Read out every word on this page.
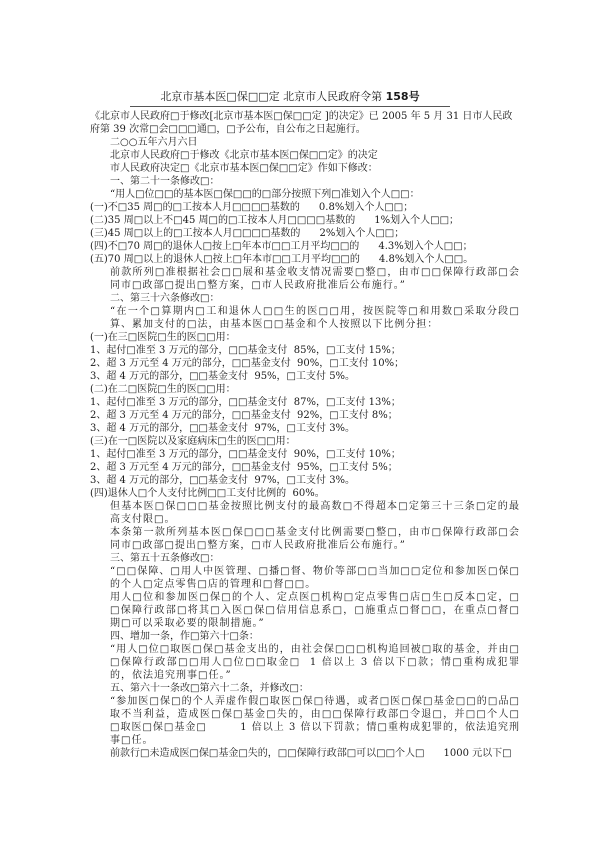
北京市基本医□保□□定 北京市人民政府令第 158号

《北京市人民政府□于修改[北京市基本医□保□□定 ]的决定》已 2005 年 5 月 31 日市人民政府第 39 次常□会□□□通□，□予公布，自公布之日起施行。

二○○五年六月六日

北京市人民政府□于修改《北京市基本医□保□□定》的决定

市人民政府决定□《北京市基本医□保□□定》作如下修改：

一、第二十一条修改□：

“用人□位□□的基本医□保□□的□部分按照下列□准划入个人□□：

(一)不□35 周□的□工按本人月□□□□基数的      0.8%划入个人□□；

(二)35 周□以上不□45 周□的□工按本人月□□□□基数的      1%划入个人□□；

(三)45 周□以上的□工按本人月□□□□基数的      2%划入个人□□；

(四)不□70 周□的退休人□按上□年本市□□工月平均□□的      4.3%划入个人□□；

(五)70 周□以上的退休人□按上□年本市□□工月平均□□的      4.8%划入个人□□。

前款所列□准根据社会□□展和基金收支情况需要□整□，由市□□保障行政部□会同市□政部□提出□整方案，□市人民政府批准后公布施行。”

二、第三十六条修改□：

“在一个□算期内□工和退休人□□生的医□□用，按医院等□和用数□采取分段□算、累加支付的□法，由基本医□□基金和个人按照以下比例分担：

(一)在三□医院□生的医□□用：

1、起付□准至 3 万元的部分，□□基金支付  85%，□工支付 15%；

2、超 3 万元至 4 万元的部分，□□基金支付  90%，□工支付 10%；

3、超 4 万元的部分，□□基金支付  95%，□工支付 5%。

(二)在二□医院□生的医□□用：

1、起付□准至 3 万元的部分，□□基金支付  87%，□工支付 13%；

2、超 3 万元至 4 万元的部分，□□基金支付  92%，□工支付 8%；

3、超 4 万元的部分，□□基金支付  97%，□工支付 3%。

(三)在一□医院以及家庭病床□生的医□□用：

1、起付□准至 3 万元的部分，□□基金支付  90%，□工支付 10%；

2、超 3 万元至 4 万元的部分，□□基金支付  95%，□工支付 5%；

3、超 4 万元的部分，□□基金支付  97%，□工支付 3%。

(四)退休人□个人支付比例□□工支付比例的  60%。

但基本医□保□□□基金按照比例支付的最高数□不得超本□定第三十三条□定的最高支付限□。

本条第一款所列基本医□保□□□基金支付比例需要□整□，由市□保障行政部□会同市□政部□提出□整方案，□市人民政府批准后公布施行。”

三、第五十五条修改□：

“□□保障、□用人中医管理、□播□督、物价等部□□当加□□定位和参加医□保□的个人□定点零售□店的管理和□督□□。

用人□位和参加医□保□的个人、定点医□机构□定点零售□店□生□反本□定，□□保障行政部□将其□入医□保□信用信息系□，□施重点□督□□，在重点□督□期□可以采取必要的限制措施。”

四、增加一条，作□第六十□条：

“用人□位□取医□保□基金支出的，由社会保□□□机构追回被□取的基金，并由□□保障行政部□□用人□位□□取金□  1 倍以上 3 倍以下□款；情□重构成犯罪的，依法追究刑事□任。”

五、第六十一条改□第六十二条，并修改□：

“参加医□保□的个人弄虚作假□取医□保□待遇，或者□医□保□基金□□的□品□取不当利益，造成医□保□基金□失的，由□□保障行政部□令退□，并□□个人□□取医□保□基金□        1 倍以上 3 倍以下罚款；情□重构成犯罪的，依法追究刑事□任。

前款行□未造成医□保□基金□失的，□□保障行政部□可以□□个人□      1000 元以下□
